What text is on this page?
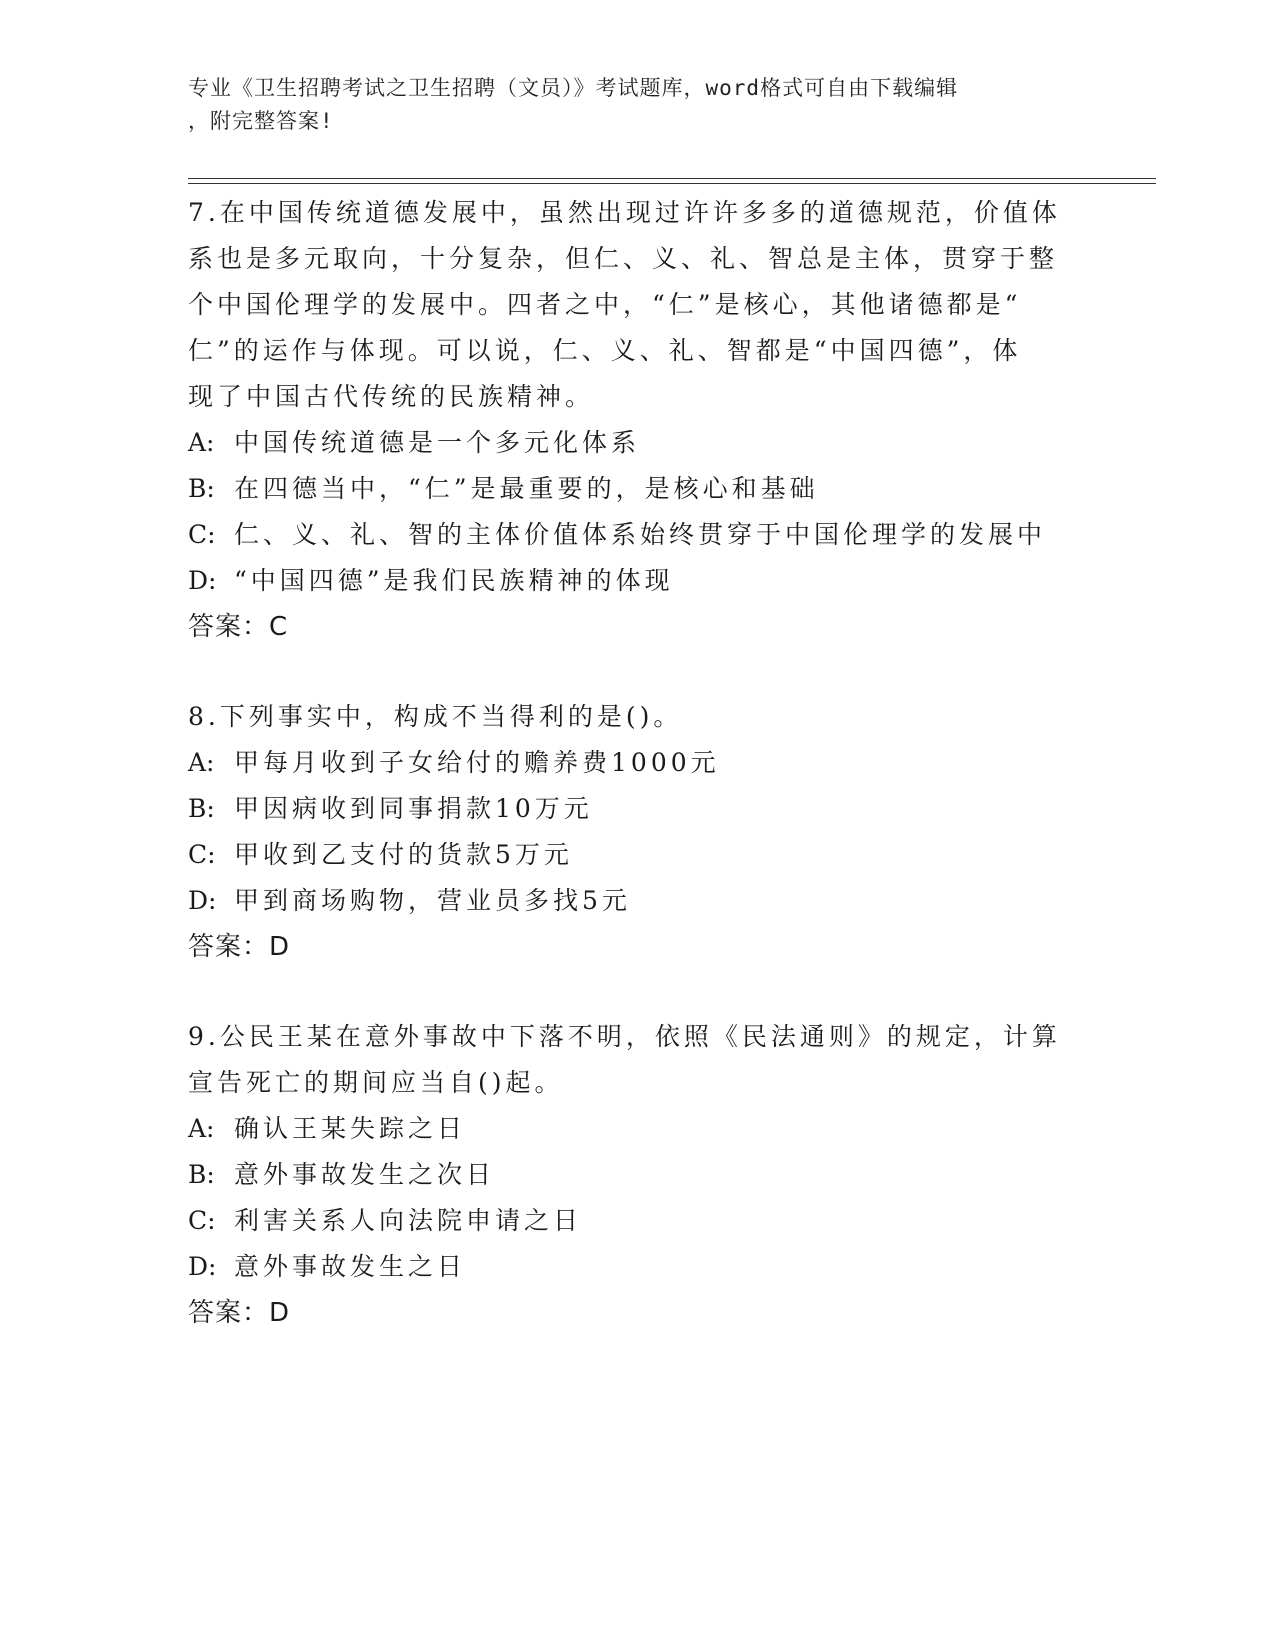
专业《卫生招聘考试之卫生招聘（文员）》考试题库，word格式可自由下载编辑
，附完整答案!
7.在中国传统道德发展中，虽然出现过许许多多的道德规范，价值体
系也是多元取向，十分复杂，但仁、义、礼、智总是主体，贯穿于整
个中国伦理学的发展中。四者之中，“仁”是核心，其他诸德都是“
仁”的运作与体现。可以说，仁、义、礼、智都是“中国四德”，体
现了中国古代传统的民族精神。
A: 中国传统道德是一个多元化体系
B: 在四德当中，“仁”是最重要的，是核心和基础
C: 仁、义、礼、智的主体价值体系始终贯穿于中国伦理学的发展中
D: “中国四德”是我们民族精神的体现
答案：C
8.下列事实中，构成不当得利的是()。
A: 甲每月收到子女给付的赡养费1000元
B: 甲因病收到同事捐款10万元
C: 甲收到乙支付的货款5万元
D: 甲到商场购物，营业员多找5元
答案：D
9.公民王某在意外事故中下落不明，依照《民法通则》的规定，计算
宣告死亡的期间应当自()起。
A: 确认王某失踪之日
B: 意外事故发生之次日
C: 利害关系人向法院申请之日
D: 意外事故发生之日
答案：D
